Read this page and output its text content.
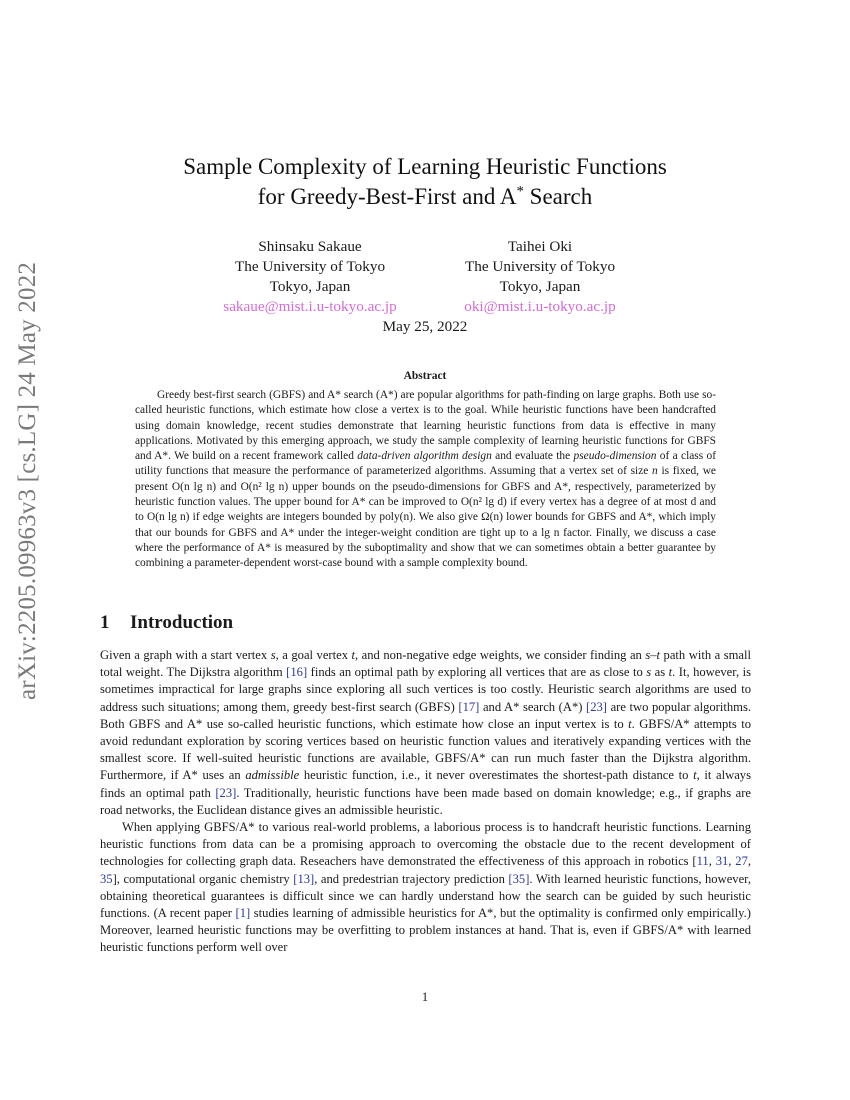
arXiv:2205.09963v3 [cs.LG] 24 May 2022
Sample Complexity of Learning Heuristic Functions
for Greedy-Best-First and A* Search
Shinsaku Sakaue
The University of Tokyo
Tokyo, Japan
sakaue@mist.i.u-tokyo.ac.jp
Taihei Oki
The University of Tokyo
Tokyo, Japan
oki@mist.i.u-tokyo.ac.jp
May 25, 2022
Abstract
Greedy best-first search (GBFS) and A* search (A*) are popular algorithms for path-finding on large graphs. Both use so-called heuristic functions, which estimate how close a vertex is to the goal. While heuristic functions have been handcrafted using domain knowledge, recent studies demonstrate that learning heuristic functions from data is effective in many applications. Motivated by this emerging approach, we study the sample complexity of learning heuristic functions for GBFS and A*. We build on a recent framework called data-driven algorithm design and evaluate the pseudo-dimension of a class of utility functions that measure the performance of parameterized algorithms. Assuming that a vertex set of size n is fixed, we present O(n lg n) and O(n² lg n) upper bounds on the pseudo-dimensions for GBFS and A*, respectively, parameterized by heuristic function values. The upper bound for A* can be improved to O(n² lg d) if every vertex has a degree of at most d and to O(n lg n) if edge weights are integers bounded by poly(n). We also give Ω(n) lower bounds for GBFS and A*, which imply that our bounds for GBFS and A* under the integer-weight condition are tight up to a lg n factor. Finally, we discuss a case where the performance of A* is measured by the suboptimality and show that we can sometimes obtain a better guarantee by combining a parameter-dependent worst-case bound with a sample complexity bound.
1 Introduction

Given a graph with a start vertex s, a goal vertex t, and non-negative edge weights, we consider finding an s–t path with a small total weight. The Dijkstra algorithm [16] finds an optimal path by exploring all vertices that are as close to s as t. It, however, is sometimes impractical for large graphs since exploring all such vertices is too costly. Heuristic search algorithms are used to address such situations; among them, greedy best-first search (GBFS) [17] and A* search (A*) [23] are two popular algorithms. Both GBFS and A* use so-called heuristic functions, which estimate how close an input vertex is to t. GBFS/A* attempts to avoid redundant exploration by scoring vertices based on heuristic function values and iteratively expanding vertices with the smallest score. If well-suited heuristic functions are available, GBFS/A* can run much faster than the Dijkstra algorithm. Furthermore, if A* uses an admissible heuristic function, i.e., it never overestimates the shortest-path distance to t, it always finds an optimal path [23]. Traditionally, heuristic functions have been made based on domain knowledge; e.g., if graphs are road networks, the Euclidean distance gives an admissible heuristic.

When applying GBFS/A* to various real-world problems, a laborious process is to handcraft heuristic functions. Learning heuristic functions from data can be a promising approach to overcoming the obstacle due to the recent development of technologies for collecting graph data. Reseachers have demonstrated the effectiveness of this approach in robotics [11, 31, 27, 35], computational organic chemistry [13], and predestrian trajectory prediction [35]. With learned heuristic functions, however, obtaining theoretical guarantees is difficult since we can hardly understand how the search can be guided by such heuristic functions. (A recent paper [1] studies learning of admissible heuristics for A*, but the optimality is confirmed only empirically.) Moreover, learned heuristic functions may be overfitting to problem instances at hand. That is, even if GBFS/A* with learned heuristic functions perform well over

1
